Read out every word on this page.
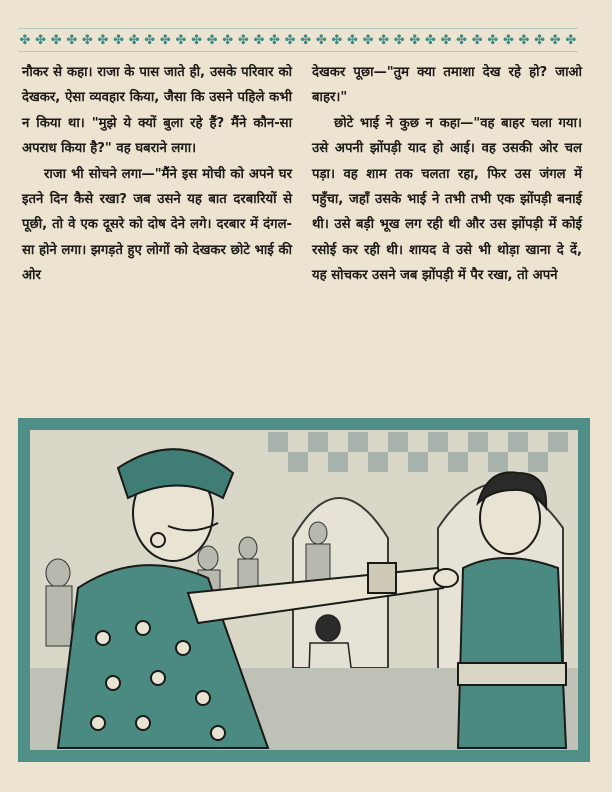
✤ ✤ ✤ ✤ ✤ ✤ ✤ ✤ ✤ ✤ ✤ ✤ ✤ ✤ ✤ ✤ ✤ ✤ ✤ ✤ ✤ ✤ ✤ ✤ ✤ ✤ ✤ ✤ ✤ ✤ ✤ ✤ ✤ ✤ ✤ ✤

नौकर से कहा। राजा के पास जाते ही, उसके परिवार को देखकर, ऐसा व्यवहार किया, जैसा कि उसने पहिले कभी न किया था। "मुझे ये क्यों बुला रहे हैं? मैंने कौन-सा अपराध किया है?" वह घबराने लगा।

राजा भी सोचने लगा—"मैंने इस मोची को अपने घर इतने दिन कैसे रखा? जब उसने यह बात दरबारियों से पूछी, तो वे एक दूसरे को दोष देने लगे। दरबार में दंगल-सा होने लगा। झगड़ते हुए लोगों को देखकर छोटे भाई की ओर

देखकर पूछा—"तुम क्या तमाशा देख रहे हो? जाओ बाहर।"

छोटे भाई ने कुछ न कहा—"वह बाहर चला गया। उसे अपनी झोंपड़ी याद हो आई। वह उसकी ओर चल पड़ा। वह शाम तक चलता रहा, फिर उस जंगल में पहुँचा, जहाँ उसके भाई ने तभी तभी एक झोंपड़ी बनाई थी। उसे बड़ी भूख लग रही थी और उस झोंपड़ी में कोई रसोई कर रही थी। शायद वे उसे भी थोड़ा खाना दे दें, यह सोचकर उसने जब झोंपड़ी में पैर रखा, तो अपने
